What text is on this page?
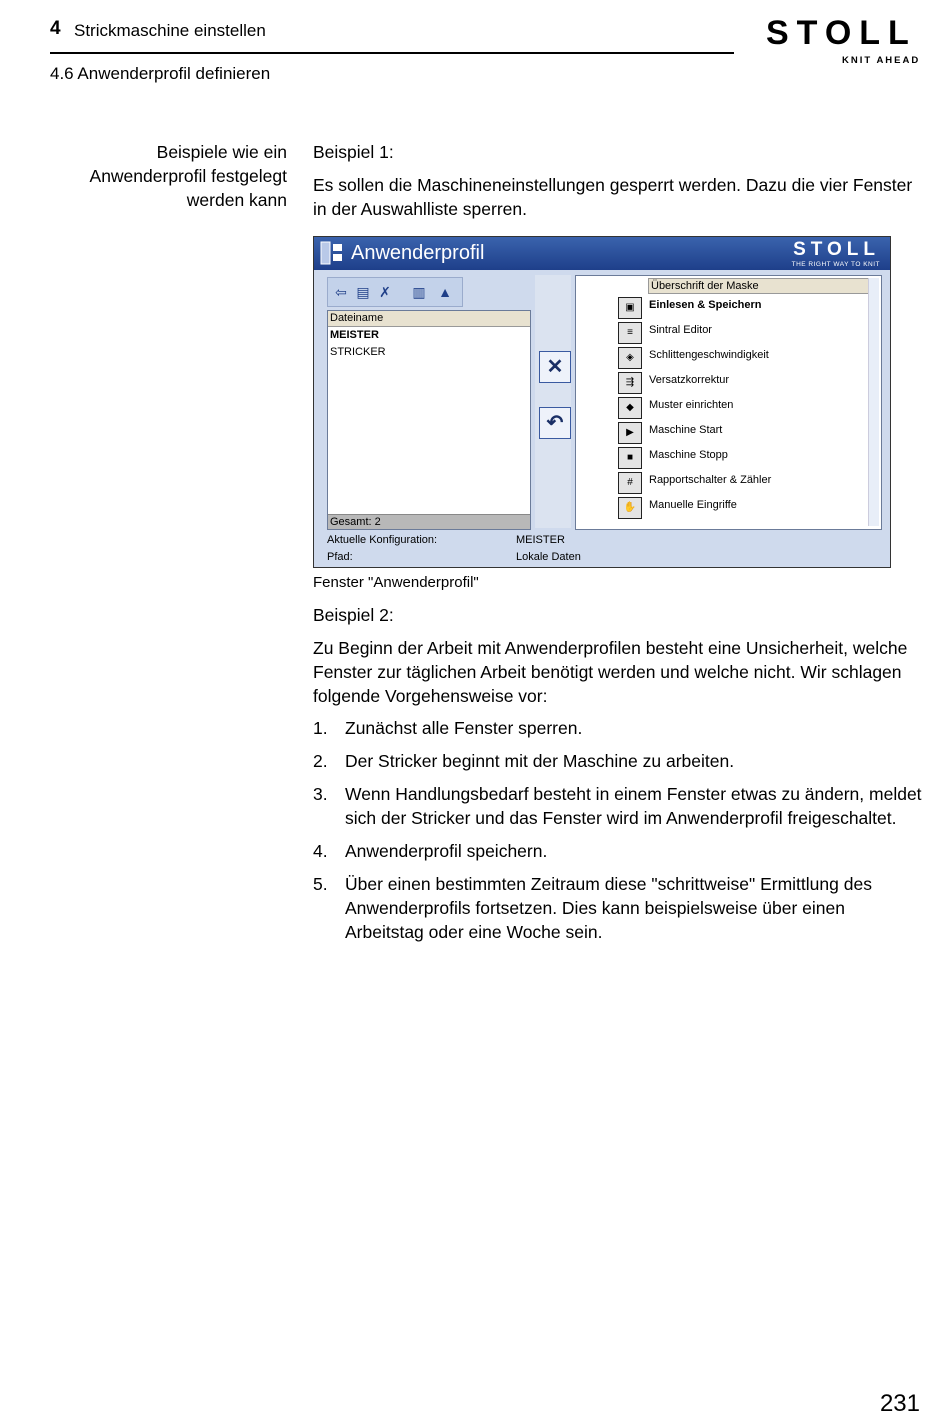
4 Strickmaschine einstellen
4.6 Anwenderprofil definieren
STOLL
KNIT AHEAD
Beispiele wie ein
Anwenderprofil festgelegt
werden kann
Beispiel 1:
Es sollen die Maschineneinstellungen gesperrt werden. Dazu die vier Fenster in der Auswahlliste sperren.
Anwenderprofil	STOLL
THE RIGHT WAY TO KNIT
⇦ ▤ ✗	▥ ▲
Dateiname
MEISTER
STRICKER
Gesamt: 2
✕
↶
Überschrift der Maske
▣	Einlesen & Speichern
≡	Sintral Editor
◈	Schlittengeschwindigkeit
⇶	Versatzkorrektur
◆	Muster einrichten
▶	Maschine Start
■	Maschine Stopp
#	Rapportschalter & Zähler
✋	Manuelle Eingriffe
Aktuelle Konfiguration:	MEISTER
Pfad:	Lokale Daten
Fenster "Anwenderprofil"
Beispiel 2:
Zu Beginn der Arbeit mit Anwenderprofilen besteht eine Unsicherheit, welche Fenster zur täglichen Arbeit benötigt werden und welche nicht. Wir schlagen folgende Vorgehensweise vor:
1. Zunächst alle Fenster sperren.
2. Der Stricker beginnt mit der Maschine zu arbeiten.
3. Wenn Handlungsbedarf besteht in einem Fenster etwas zu ändern, meldet sich der Stricker und das Fenster wird im Anwenderprofil freigeschaltet.
4. Anwenderprofil speichern.
5. Über einen bestimmten Zeitraum diese "schrittweise" Ermittlung des Anwenderprofils fortsetzen. Dies kann beispielsweise über einen Arbeitstag oder eine Woche sein.
231
